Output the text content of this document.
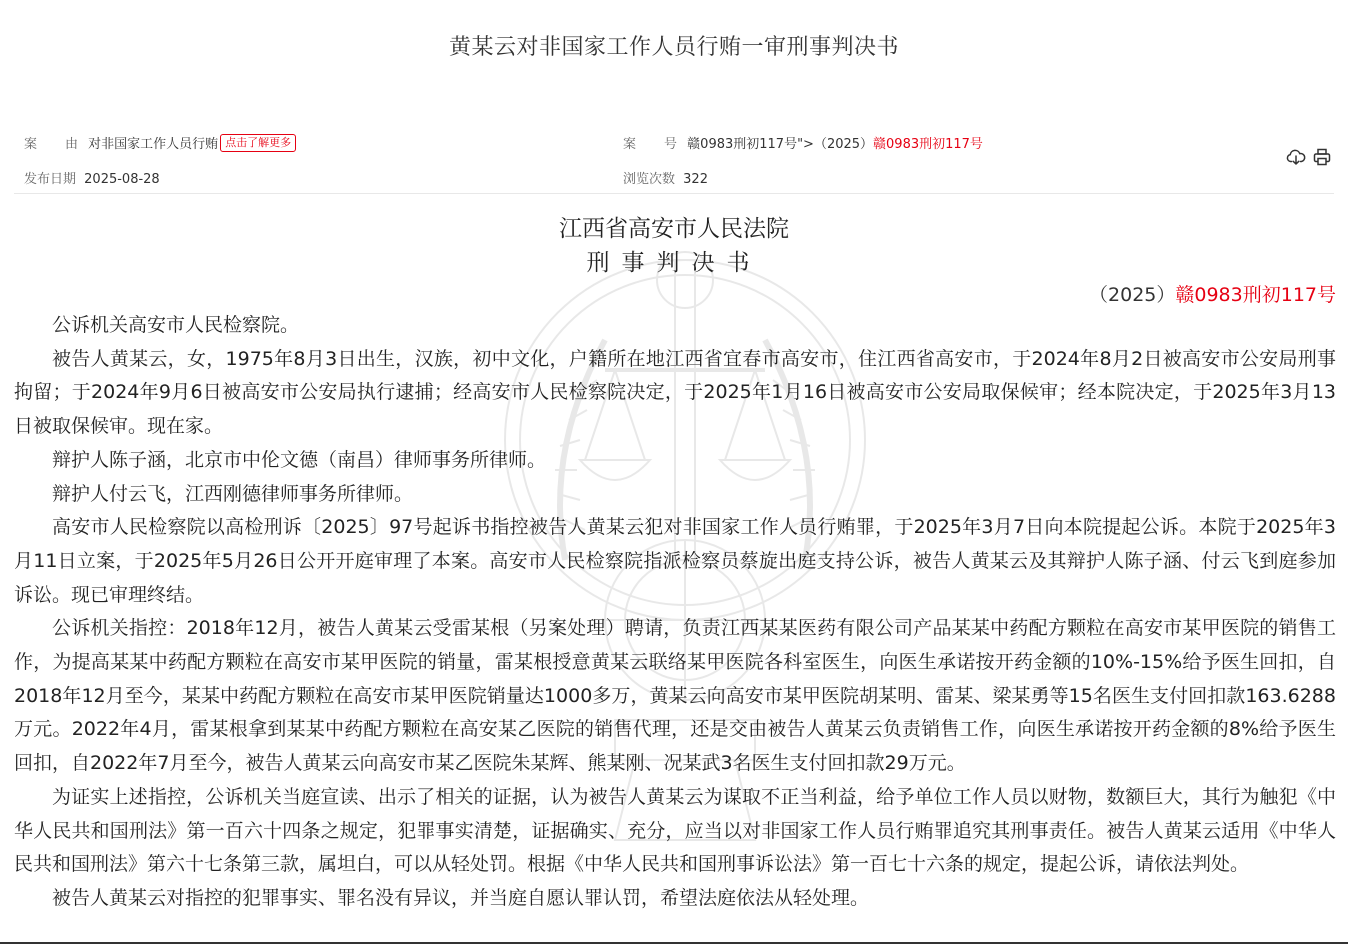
黄某云对非国家工作人员行贿一审刑事判决书
案 由 对非国家工作人员行贿 点击了解更多	案 号 赣0983刑初117号">（2025）赣0983刑初117号
发布日期 2025-08-28	浏览次数 322
江西省高安市人民法院
刑事判决书
（2025）赣0983刑初117号

公诉机关高安市人民检察院。

被告人黄某云，女，1975年8月3日出生，汉族，初中文化，户籍所在地江西省宜春市高安市，住江西省高安市，于2024年8月2日被高安市公安局刑事拘留；于2024年9月6日被高安市公安局执行逮捕；经高安市人民检察院决定，于2025年1月16日被高安市公安局取保候审；经本院决定，于2025年3月13日被取保候审。现在家。

辩护人陈子涵，北京市中伦文德（南昌）律师事务所律师。

辩护人付云飞，江西刚德律师事务所律师。

高安市人民检察院以高检刑诉〔2025〕97号起诉书指控被告人黄某云犯对非国家工作人员行贿罪，于2025年3月7日向本院提起公诉。本院于2025年3月11日立案，于2025年5月26日公开开庭审理了本案。高安市人民检察院指派检察员蔡旋出庭支持公诉，被告人黄某云及其辩护人陈子涵、付云飞到庭参加诉讼。现已审理终结。

公诉机关指控：2018年12月，被告人黄某云受雷某根（另案处理）聘请，负责江西某某医药有限公司产品某某中药配方颗粒在高安市某甲医院的销售工作，为提高某某中药配方颗粒在高安市某甲医院的销量，雷某根授意黄某云联络某甲医院各科室医生，向医生承诺按开药金额的10%-15%给予医生回扣，自2018年12月至今，某某中药配方颗粒在高安市某甲医院销量达1000多万，黄某云向高安市某甲医院胡某明、雷某、梁某勇等15名医生支付回扣款163.6288万元。2022年4月，雷某根拿到某某中药配方颗粒在高安某乙医院的销售代理，还是交由被告人黄某云负责销售工作，向医生承诺按开药金额的8%给予医生回扣，自2022年7月至今，被告人黄某云向高安市某乙医院朱某辉、熊某刚、况某武3名医生支付回扣款29万元。

为证实上述指控，公诉机关当庭宣读、出示了相关的证据，认为被告人黄某云为谋取不正当利益，给予单位工作人员以财物，数额巨大，其行为触犯《中华人民共和国刑法》第一百六十四条之规定，犯罪事实清楚，证据确实、充分，应当以对非国家工作人员行贿罪追究其刑事责任。被告人黄某云适用《中华人民共和国刑法》第六十七条第三款，属坦白，可以从轻处罚。根据《中华人民共和国刑事诉讼法》第一百七十六条的规定，提起公诉，请依法判处。

被告人黄某云对指控的犯罪事实、罪名没有异议，并当庭自愿认罪认罚，希望法庭依法从轻处理。
